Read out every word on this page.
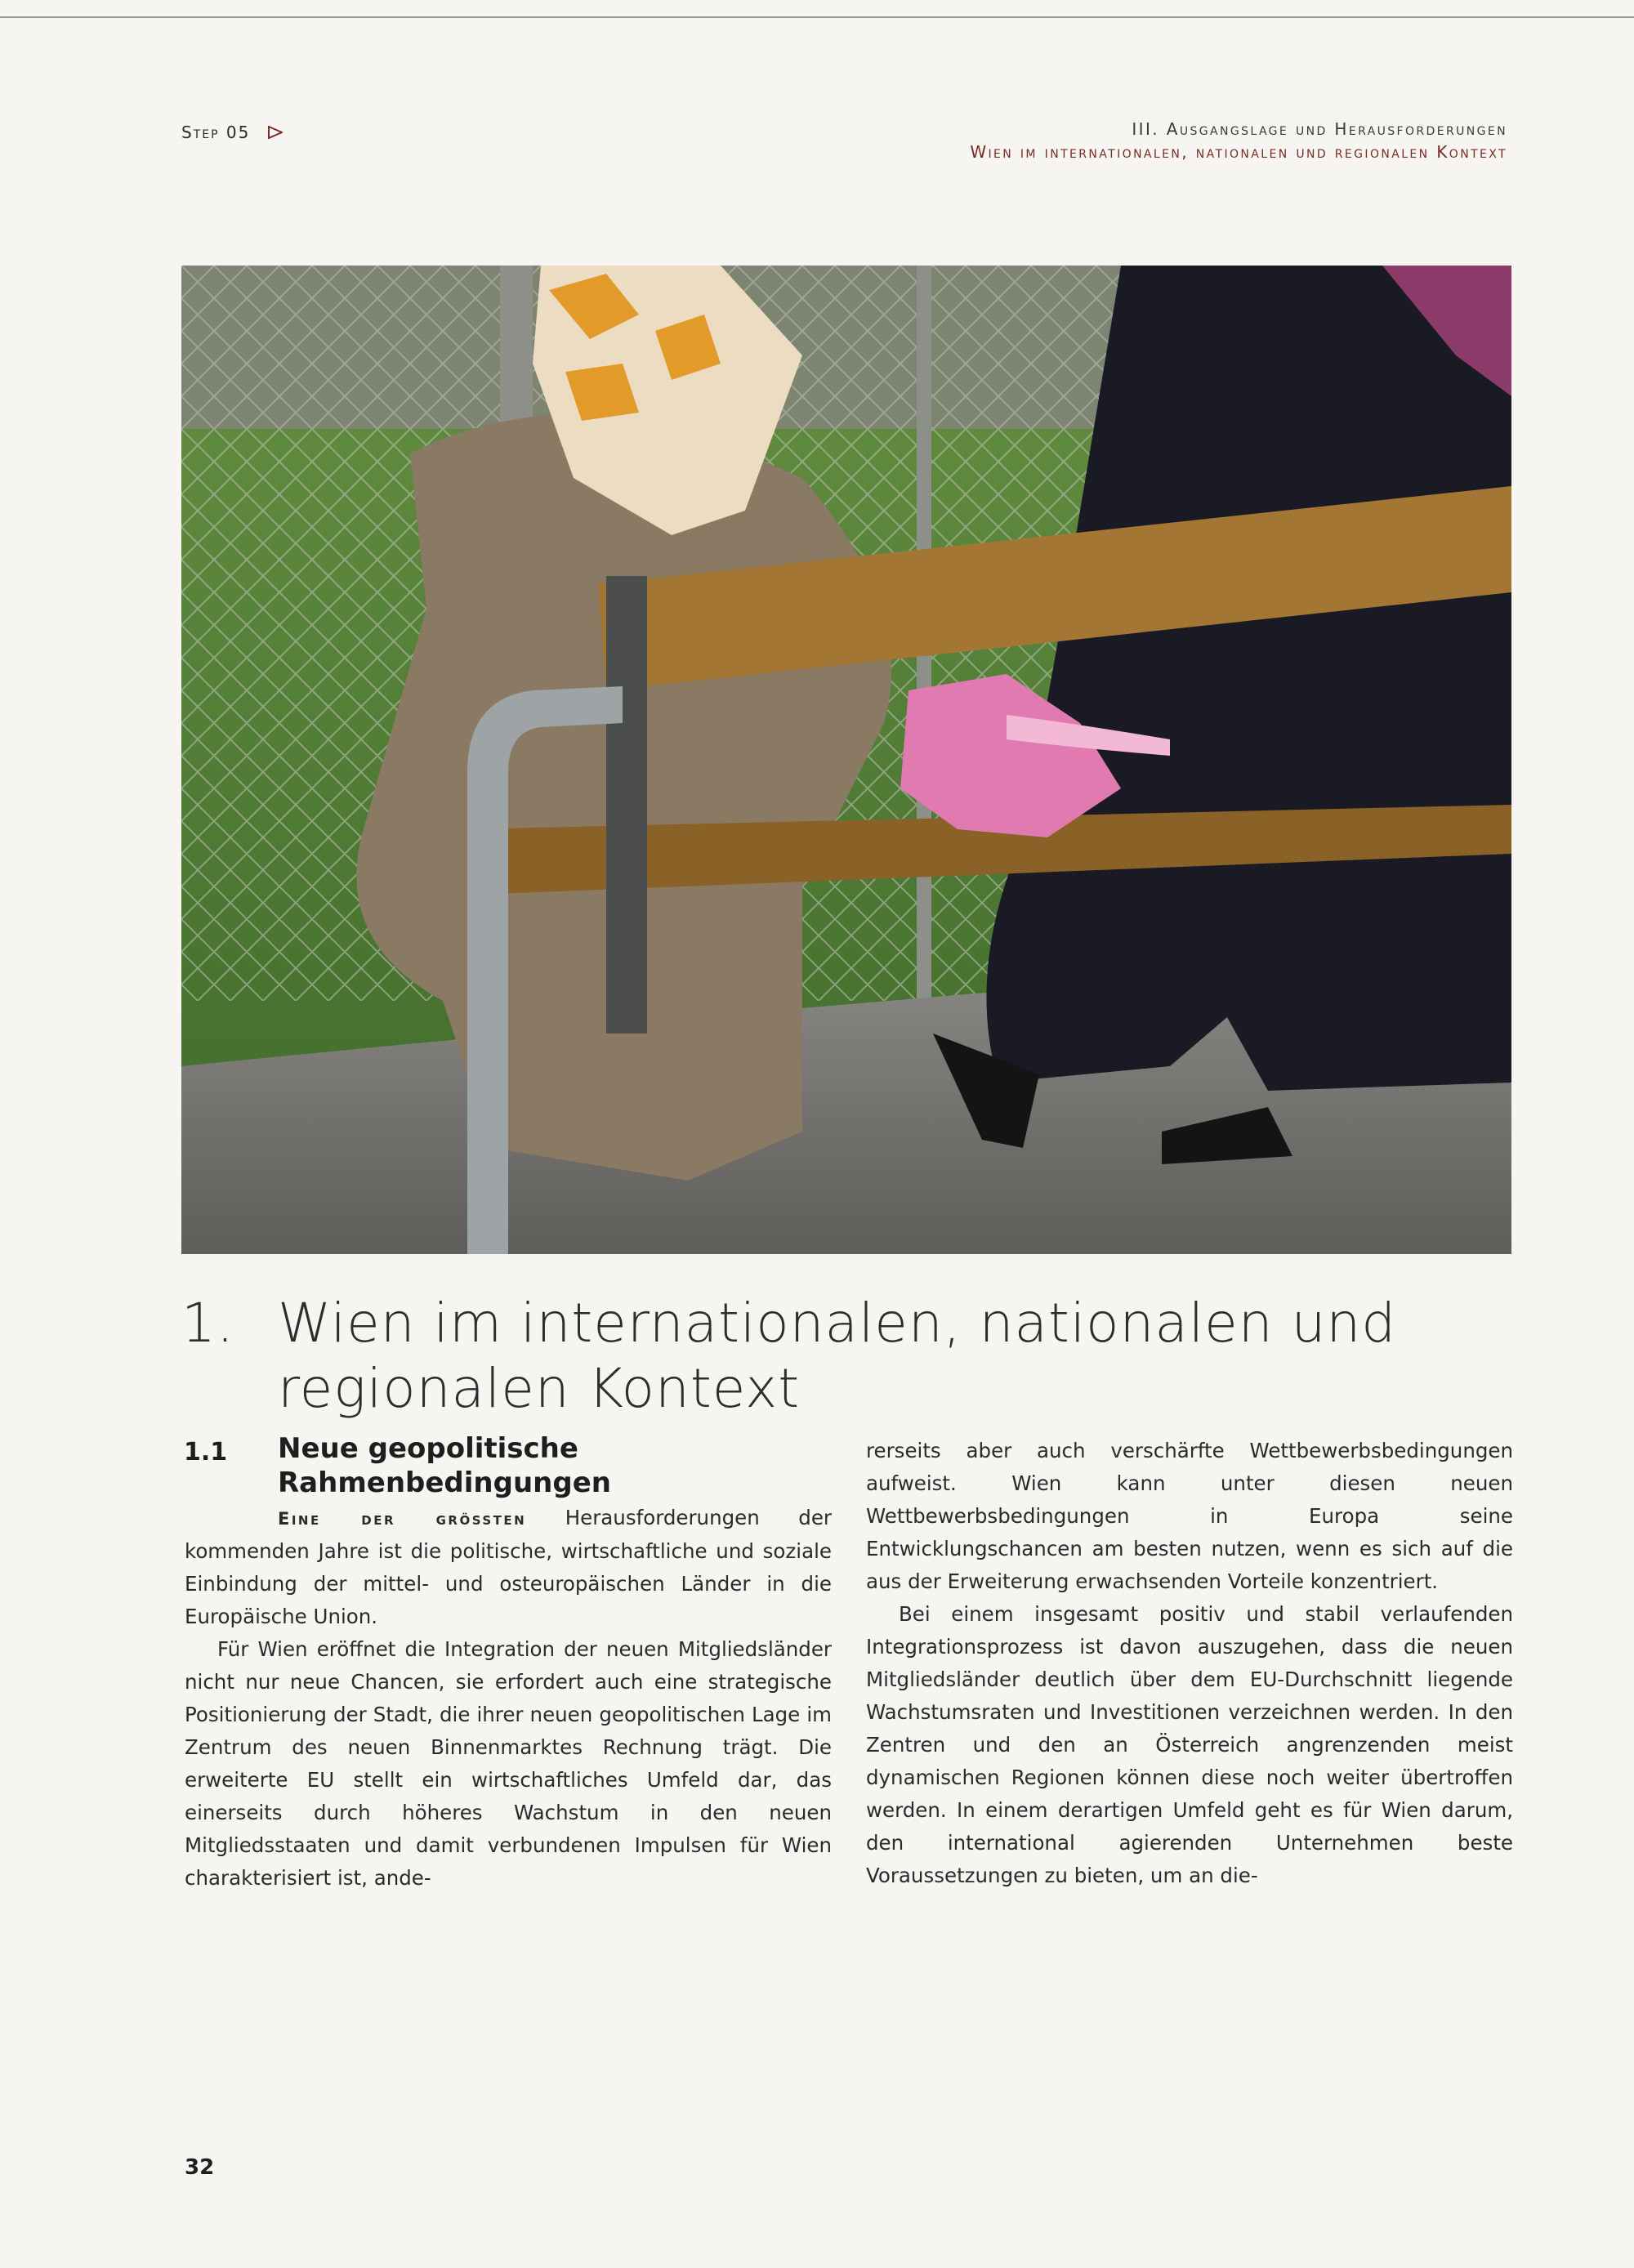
Step 05	III. Ausgangslage und Herausforderungen
Wien im internationalen, nationalen und regionalen Kontext
1. Wien im internationalen, nationalen und regionalen Kontext
1.1 Neue geopolitische Rahmenbedingungen

Eine der grössten Herausforderungen der kommenden Jahre ist die politische, wirtschaftliche und soziale Einbindung der mittel- und osteuropäischen Länder in die Europäische Union.

Für Wien eröffnet die Integration der neuen Mitgliedsländer nicht nur neue Chancen, sie erfordert auch eine strategische Positionierung der Stadt, die ihrer neuen geopolitischen Lage im Zentrum des neuen Binnenmarktes Rechnung trägt. Die erweiterte EU stellt ein wirtschaftliches Umfeld dar, das einerseits durch höheres Wachstum in den neuen Mitgliedsstaaten und damit verbundenen Impulsen für Wien charakterisiert ist, ande-

rerseits aber auch verschärfte Wettbewerbsbedingungen aufweist. Wien kann unter diesen neuen Wettbewerbsbedingungen in Europa seine Entwicklungschancen am besten nutzen, wenn es sich auf die aus der Erweiterung erwachsenden Vorteile konzentriert.

Bei einem insgesamt positiv und stabil verlaufenden Integrationsprozess ist davon auszugehen, dass die neuen Mitgliedsländer deutlich über dem EU-Durchschnitt liegende Wachstumsraten und Investitionen verzeichnen werden. In den Zentren und den an Österreich angrenzenden meist dynamischen Regionen können diese noch weiter übertroffen werden. In einem derartigen Umfeld geht es für Wien darum, den international agierenden Unternehmen beste Voraussetzungen zu bieten, um an die-

32
